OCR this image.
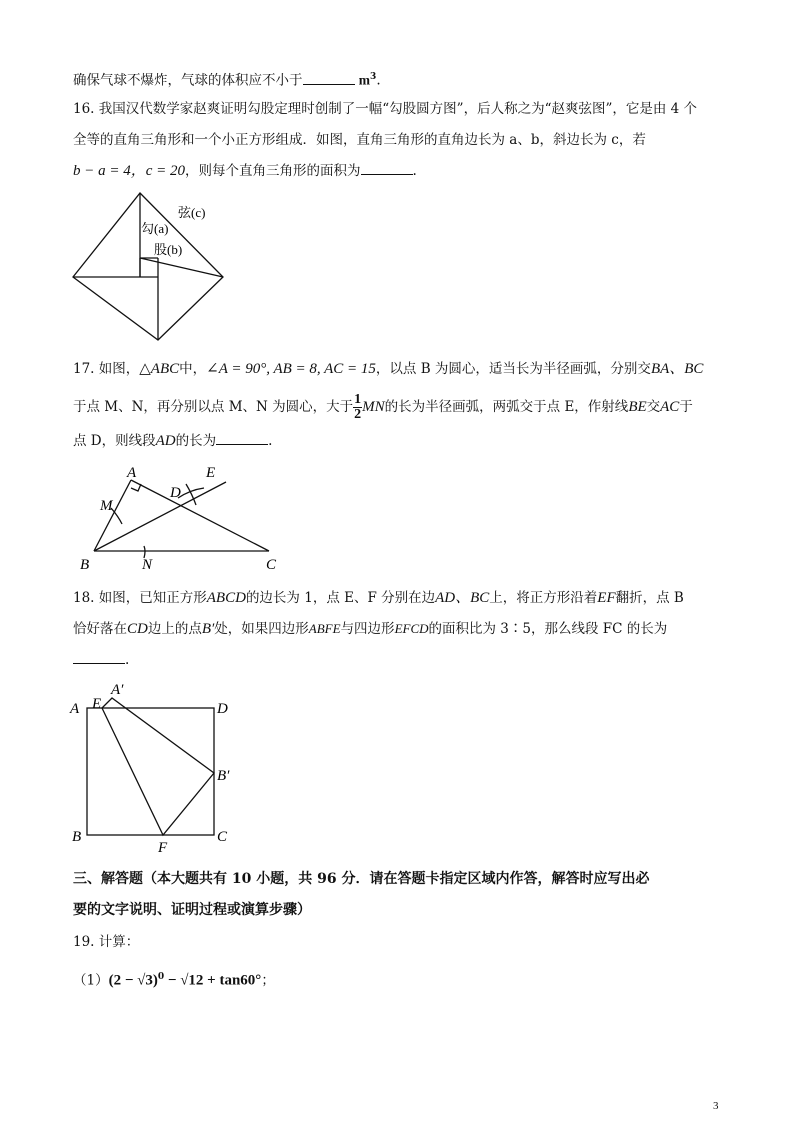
确保气球不爆炸，气球的体积应不小于	$m^3$.
16. 我国汉代数学家赵爽证明勾股定理时创制了一幅“勾股圆方图”，后人称之为“赵爽弦图”，它是由 4 个
全等的直角三角形和一个小正方形组成．如图，直角三角形的直角边长为 a、b，斜边长为 c，若
b − a = 4，c = 20，则每个直角三角形的面积为	.
弦(c)
勾(a)
股(b)
17. 如图，△ABC中，∠A = 90°, AB = 8, AC = 15，以点 B 为圆心，适当长为半径画弧，分别交BA、BC
于点 M、N，再分别以点 M、N 为圆心，大于 $\frac{1}{2}$ MN的长为半径画弧，两弧交于点 E，作射线BE交AC于
点 D，则线段AD的长为	.
A
M
D
E
B	N	C
18. 如图，已知正方形ABCD的边长为 1，点 E、F 分别在边AD、BC上，将正方形沿着EF翻折，点 B
恰好落在CD边上的点B′处，如果四边形ABFE与四边形EFCD的面积比为 3∶5，那么线段 FC 的长为
.
A E
A′
D
B′
B
F
C
三、解答题（本大题共有 10 小题，共 96 分．请在答题卡指定区域内作答，解答时应写出必
要的文字说明、证明过程或演算步骤）
19. 计算：
$(1)(2 - √3)^0 - √12 + \tan 60^\circ$；
3
